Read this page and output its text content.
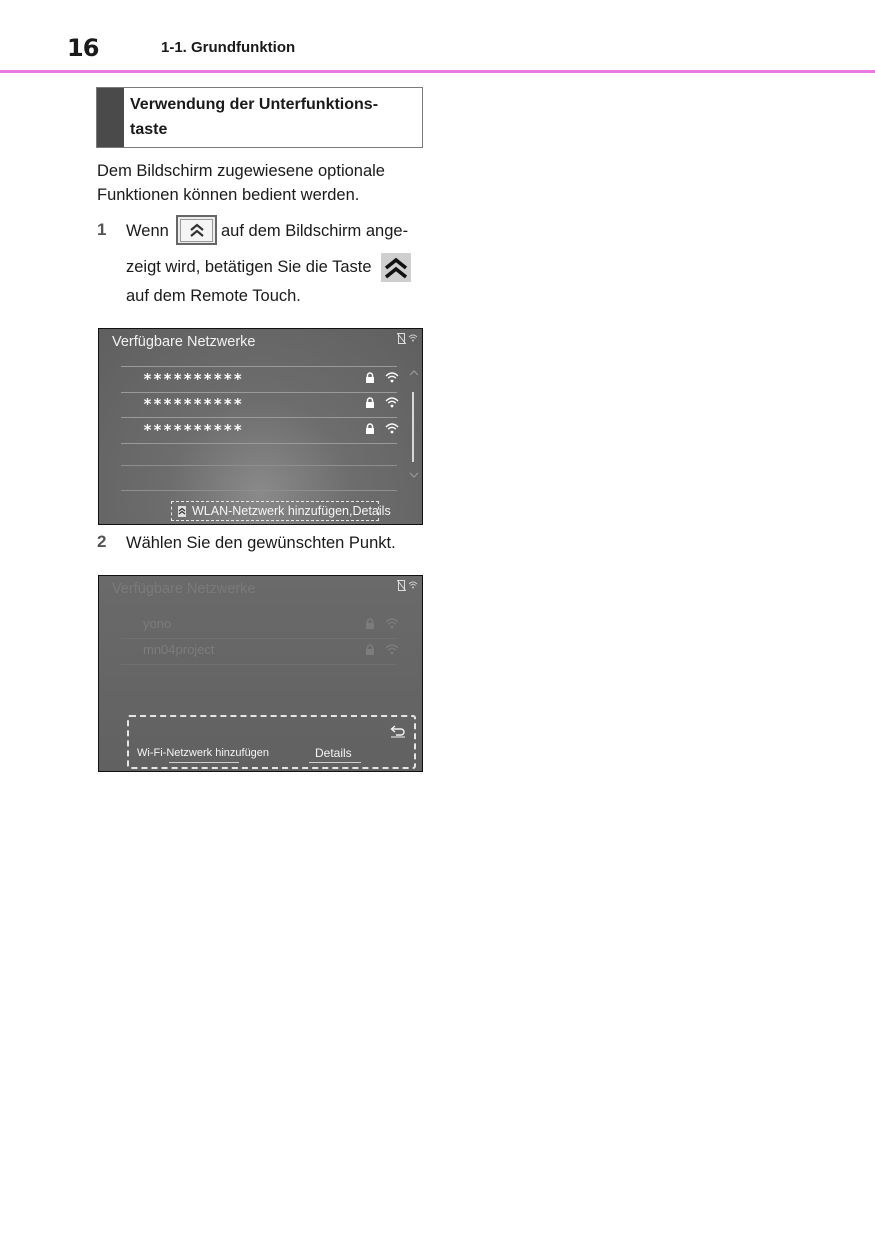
16	1-1. Grundfunktion
Verwendung der Unterfunktions-taste
Dem Bildschirm zugewiesene optionale Funktionen können bedient werden.
1 Wenn	auf dem Bildschirm ange-
zeigt wird, betätigen Sie die Taste
auf dem Remote Touch.
Verfügbare Netzwerke
**********
**********
**********
WLAN-Netzwerk hinzufügen,Details
2 Wählen Sie den gewünschten Punkt.
Verfügbare Netzwerke
yono
mn04project
Wi-Fi-Netzwerk hinzufügen	Details
